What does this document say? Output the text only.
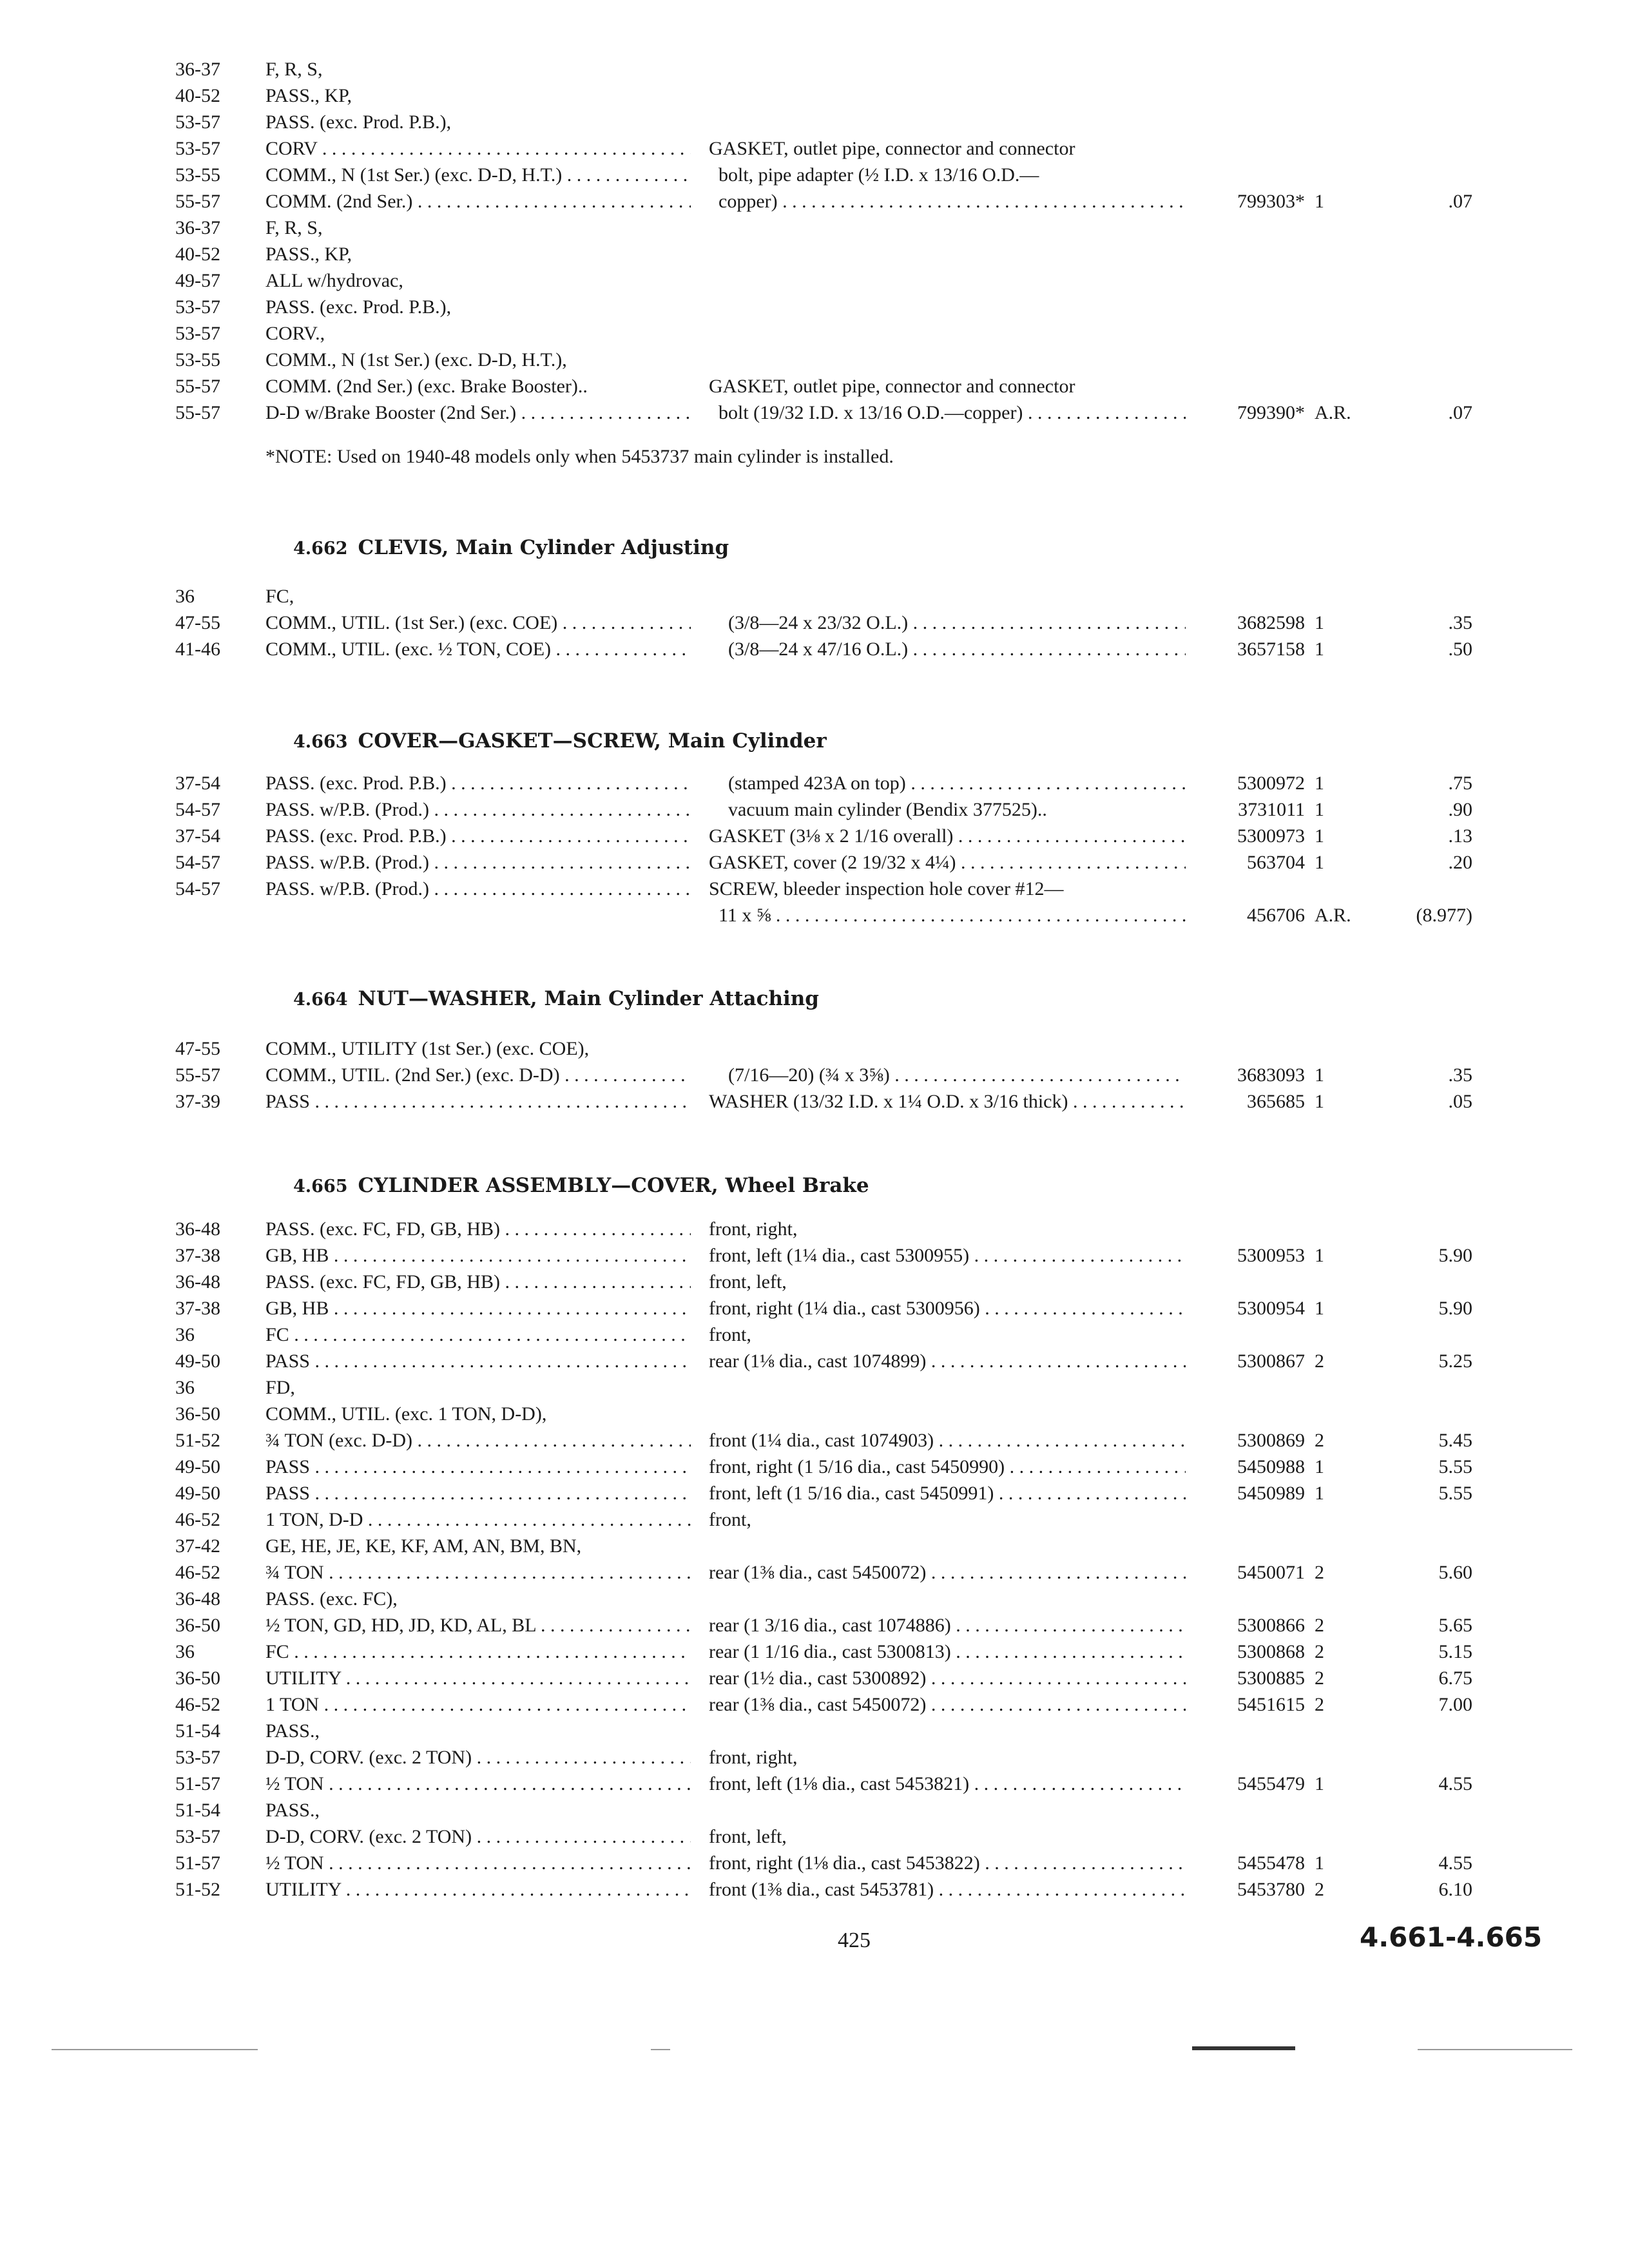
36-37	F, R, S,
40-52	PASS., KP,
53-57	PASS. (exc. Prod. P.B.),
53-57	CORV . . .	GASKET, outlet pipe, connector and connector
53-55	COMM., N (1st Ser.) (exc. D-D, H.T.) . . .	bolt, pipe adapter (½ I.D. x 13/16 O.D.—
55-57	COMM. (2nd Ser.) . . .	copper) . . .	799303* 1	.07
36-37	F, R, S,
40-52	PASS., KP,
49-57	ALL w/hydrovac,
53-57	PASS. (exc. Prod. P.B.),
53-57	CORV.,
53-55	COMM., N (1st Ser.) (exc. D-D, H.T.),
55-57	COMM. (2nd Ser.) (exc. Brake Booster)..	GASKET, outlet pipe, connector and connector
55-57	D-D w/Brake Booster (2nd Ser.) . . .	bolt (19/32 I.D. x 13/16 O.D.—copper) . . .	799390* A.R.	.07
*NOTE: Used on 1940-48 models only when 5453737 main cylinder is installed.
4.662 CLEVIS, Main Cylinder Adjusting
36	FC,
47-55	COMM., UTIL. (1st Ser.) (exc. COE) . . .	(3/8—24 x 23/32 O.L.) . . .	3682598 1	.35
41-46	COMM., UTIL. (exc. ½ TON, COE) . . .	(3/8—24 x 47/16 O.L.) . . .	3657158 1	.50
4.663 COVER—GASKET—SCREW, Main Cylinder
37-54	PASS. (exc. Prod. P.B.) . . .	(stamped 423A on top) . . .	5300972 1	.75
54-57	PASS. w/P.B. (Prod.) . . .	vacuum main cylinder (Bendix 377525)..	3731011 1	.90
37-54	PASS. (exc. Prod. P.B.) . . .	GASKET (3⅛ x 2 1/16 overall) . . .	5300973 1	.13
54-57	PASS. w/P.B. (Prod.) . . .	GASKET, cover (2 19/32 x 4¼) . . .	563704 1	.20
54-57	PASS. w/P.B. (Prod.) . . .	SCREW, bleeder inspection hole cover #12—
11 x ⅝ . . .	456706 A.R.	(8.977)
4.664 NUT—WASHER, Main Cylinder Attaching
47-55	COMM., UTILITY (1st Ser.) (exc. COE),
55-57	COMM., UTIL. (2nd Ser.) (exc. D-D) . . .	(7/16—20) (¾ x 3⅝) . . .	3683093 1	.35
37-39	PASS . . .	WASHER (13/32 I.D. x 1¼ O.D. x 3/16 thick) . . .	365685 1	.05
4.665 CYLINDER ASSEMBLY—COVER, Wheel Brake
36-48	PASS. (exc. FC, FD, GB, HB) . . .	front, right,
37-38	GB, HB . . .	front, left (1¼ dia., cast 5300955) . . .	5300953 1	5.90
36-48	PASS. (exc. FC, FD, GB, HB) . . .	front, left,
37-38	GB, HB . . .	front, right (1¼ dia., cast 5300956) . . .	5300954 1	5.90
36	FC . . .	front,
49-50	PASS . . .	rear (1⅛ dia., cast 1074899) . . .	5300867 2	5.25
36	FD,
36-50	COMM., UTIL. (exc. 1 TON, D-D),
51-52	¾ TON (exc. D-D) . . .	front (1¼ dia., cast 1074903) . . .	5300869 2	5.45
49-50	PASS . . .	front, right (1 5/16 dia., cast 5450990) . . .	5450988 1	5.55
49-50	PASS . . .	front, left (1 5/16 dia., cast 5450991) . . .	5450989 1	5.55
46-52	1 TON, D-D . . .	front,
37-42	GE, HE, JE, KE, KF, AM, AN, BM, BN,
46-52	¾ TON . . .	rear (1⅜ dia., cast 5450072) . . .	5450071 2	5.60
36-48	PASS. (exc. FC),
36-50	½ TON, GD, HD, JD, KD, AL, BL . . .	rear (1 3/16 dia., cast 1074886) . . .	5300866 2	5.65
36	FC . . .	rear (1 1/16 dia., cast 5300813) . . .	5300868 2	5.15
36-50	UTILITY . . .	rear (1½ dia., cast 5300892) . . .	5300885 2	6.75
46-52	1 TON . . .	rear (1⅜ dia., cast 5450072) . . .	5451615 2	7.00
51-54	PASS.,
53-57	D-D, CORV. (exc. 2 TON) . . .	front, right,
51-57	½ TON . . .	front, left (1⅛ dia., cast 5453821) . . .	5455479 1	4.55
51-54	PASS.,
53-57	D-D, CORV. (exc. 2 TON) . . .	front, left,
51-57	½ TON . . .	front, right (1⅛ dia., cast 5453822) . . .	5455478 1	4.55
51-52	UTILITY . . .	front (1⅜ dia., cast 5453781) . . .	5453780 2	6.10
425	4.661-4.665
